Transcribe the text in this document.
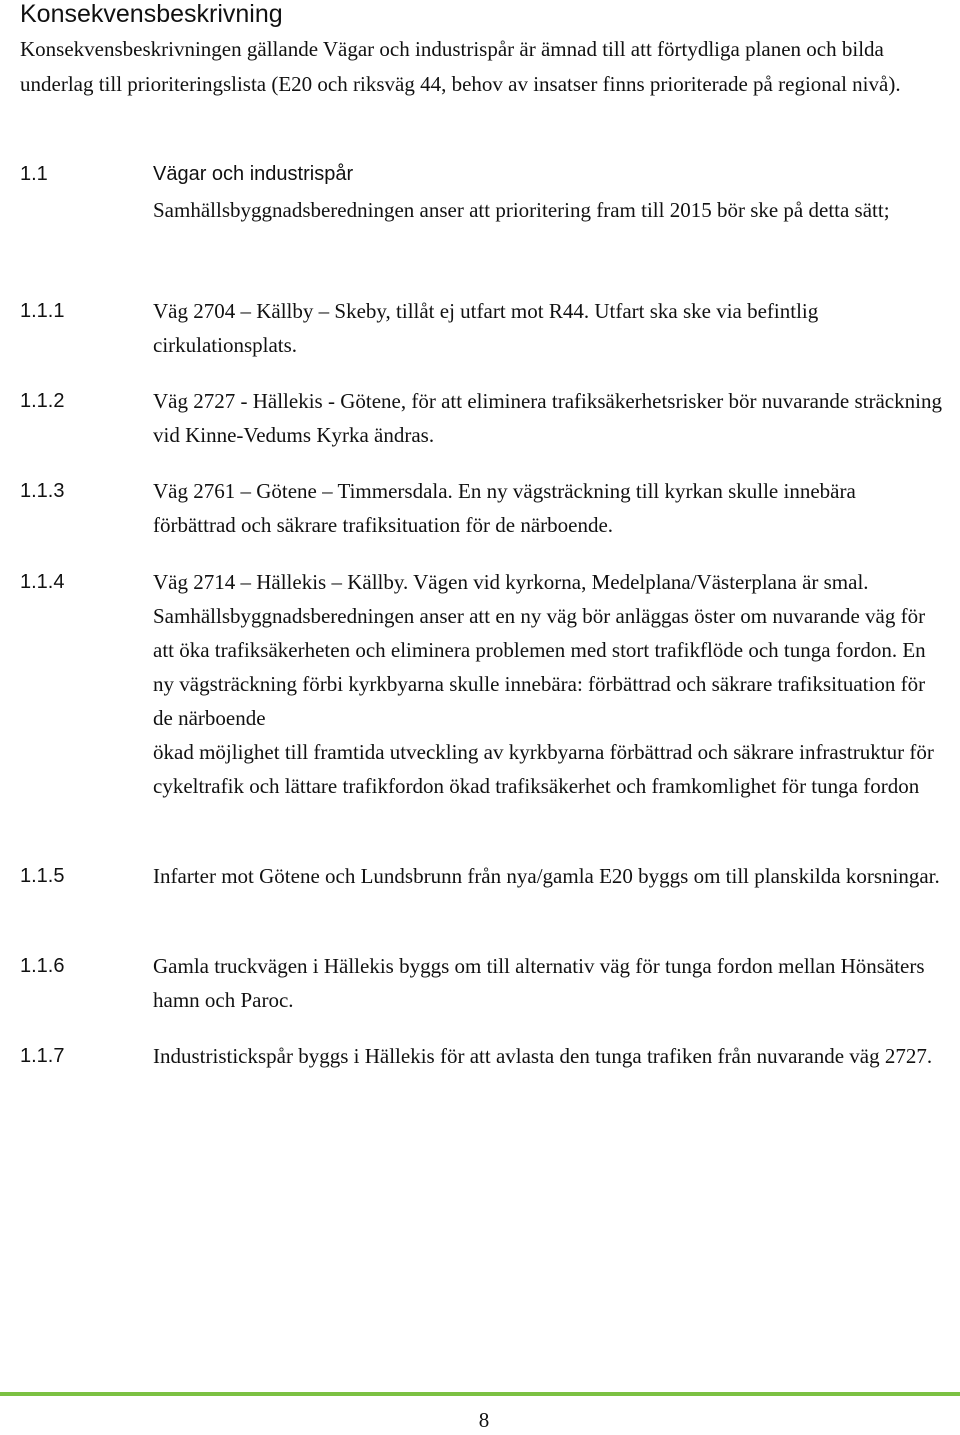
Konsekvensbeskrivning

Konsekvensbeskrivningen gällande Vägar och industrispår är ämnad till att förtydliga planen och bilda underlag till prioriteringslista (E20 och riksväg 44, behov av insatser finns prioriterade på regional nivå).

1.1	Vägar och industrispår

Samhällsbyggnadsberedningen anser att prioritering fram till 2015 bör ske på detta sätt;

1.1.1	Väg 2704 – Källby – Skeby, tillåt ej utfart mot R44. Utfart ska ske via befintlig cirkulationsplats.

1.1.2	Väg 2727 - Hällekis - Götene, för att eliminera trafiksäkerhetsrisker bör nuvarande sträckning vid Kinne-Vedums Kyrka ändras.

1.1.3	Väg 2761 – Götene – Timmersdala. En ny vägsträckning till kyrkan skulle innebära förbättrad och säkrare trafiksituation för de närboende.

1.1.4	Väg 2714 – Hällekis – Källby. Vägen vid kyrkorna, Medelplana/Västerplana är smal. Samhällsbyggnadsberedningen anser att en ny väg bör anläggas öster om nuvarande väg för att öka trafiksäkerheten och eliminera problemen med stort trafikflöde och tunga fordon. En ny vägsträckning förbi kyrkbyarna skulle innebära: förbättrad och säkrare trafiksituation för de närboende

ökad möjlighet till framtida utveckling av kyrkbyarna förbättrad och säkrare infrastruktur för cykeltrafik och lättare trafikfordon ökad trafiksäkerhet och framkomlighet för tunga fordon

1.1.5	Infarter mot Götene och Lundsbrunn från nya/gamla E20 byggs om till planskilda korsningar.

1.1.6	Gamla truckvägen i Hällekis byggs om till alternativ väg för tunga fordon mellan Hönsäters hamn och Paroc.

1.1.7	Industristickspår byggs i Hällekis för att avlasta den tunga trafiken från nuvarande väg 2727.

8
